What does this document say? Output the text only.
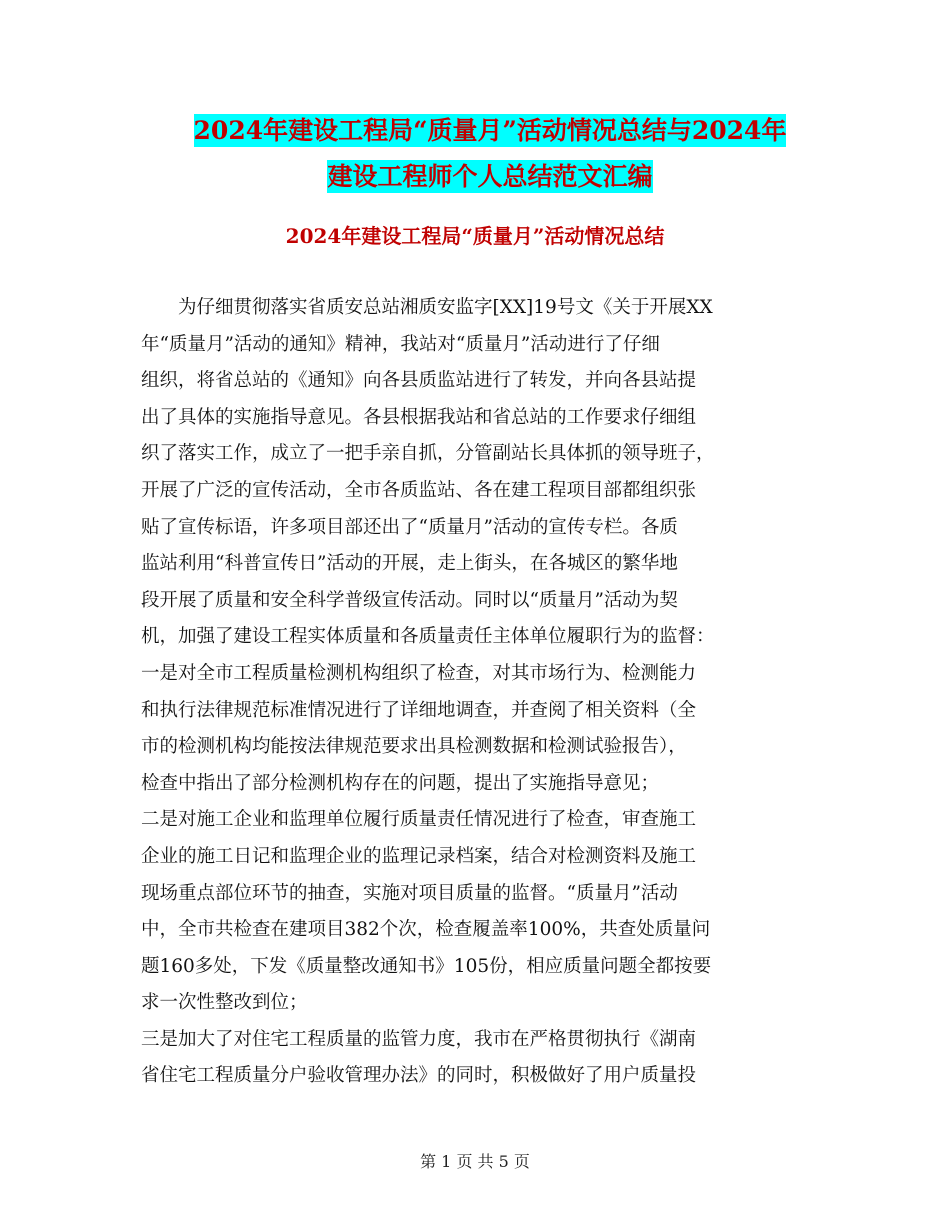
2024年建设工程局“质量月”活动情况总结与2024年
建设工程师个人总结范文汇编
2024年建设工程局“质量月”活动情况总结
为仔细贯彻落实省质安总站湘质安监字[XX]19号文《关于开展XX
年“质量月”活动的通知》精神，我站对“质量月”活动进行了仔细
组织，将省总站的《通知》向各县质监站进行了转发，并向各县站提
出了具体的实施指导意见。各县根据我站和省总站的工作要求仔细组
织了落实工作，成立了一把手亲自抓，分管副站长具体抓的领导班子，
开展了广泛的宣传活动，全市各质监站、各在建工程项目部都组织张
贴了宣传标语，许多项目部还出了“质量月”活动的宣传专栏。各质
监站利用“科普宣传日”活动的开展，走上街头，在各城区的繁华地
段开展了质量和安全科学普级宣传活动。同时以“质量月”活动为契
机，加强了建设工程实体质量和各质量责任主体单位履职行为的监督：
一是对全市工程质量检测机构组织了检查，对其市场行为、检测能力
和执行法律规范标准情况进行了详细地调查，并查阅了相关资料（全
市的检测机构均能按法律规范要求出具检测数据和检测试验报告），
检查中指出了部分检测机构存在的问题，提出了实施指导意见；
二是对施工企业和监理单位履行质量责任情况进行了检查，审查施工
企业的施工日记和监理企业的监理记录档案，结合对检测资料及施工
现场重点部位环节的抽查，实施对项目质量的监督。“质量月”活动
中，全市共检查在建项目382个次，检查履盖率100%，共查处质量问
题160多处，下发《质量整改通知书》105份，相应质量问题全都按要
求一次性整改到位；
三是加大了对住宅工程质量的监管力度，我市在严格贯彻执行《湖南
省住宅工程质量分户验收管理办法》的同时，积极做好了用户质量投
第 1 页 共 5 页
